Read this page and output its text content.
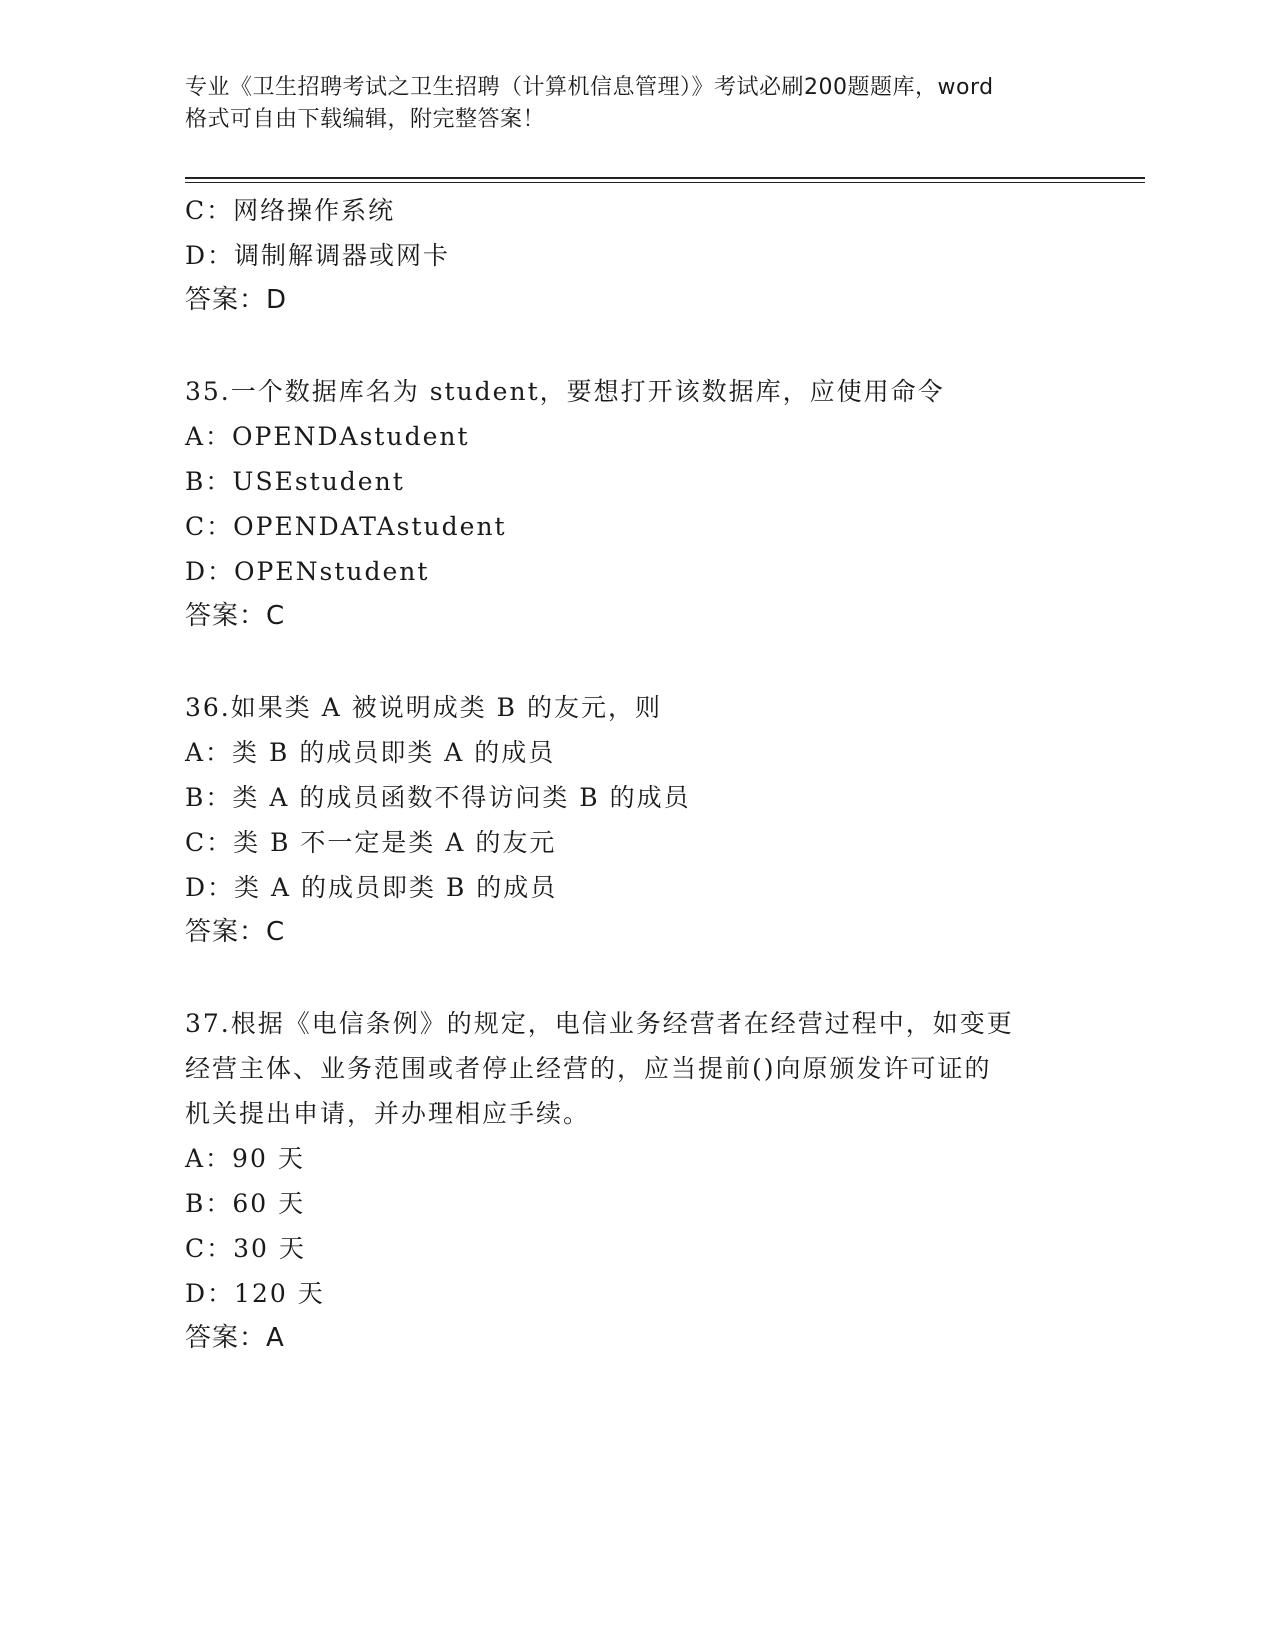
专业《卫生招聘考试之卫生招聘（计算机信息管理）》考试必刷200题题库，word
格式可自由下载编辑，附完整答案！
C：网络操作系统
D：调制解调器或网卡
答案：D
35.一个数据库名为 student，要想打开该数据库，应使用命令
A：OPENDAstudent
B：USEstudent
C：OPENDATAstudent
D：OPENstudent
答案：C
36.如果类 A 被说明成类 B 的友元，则
A：类 B 的成员即类 A 的成员
B：类 A 的成员函数不得访问类 B 的成员
C：类 B 不一定是类 A 的友元
D：类 A 的成员即类 B 的成员
答案：C
37.根据《电信条例》的规定，电信业务经营者在经营过程中，如变更
经营主体、业务范围或者停止经营的，应当提前()向原颁发许可证的
机关提出申请，并办理相应手续。
A：90 天
B：60 天
C：30 天
D：120 天
答案：A
